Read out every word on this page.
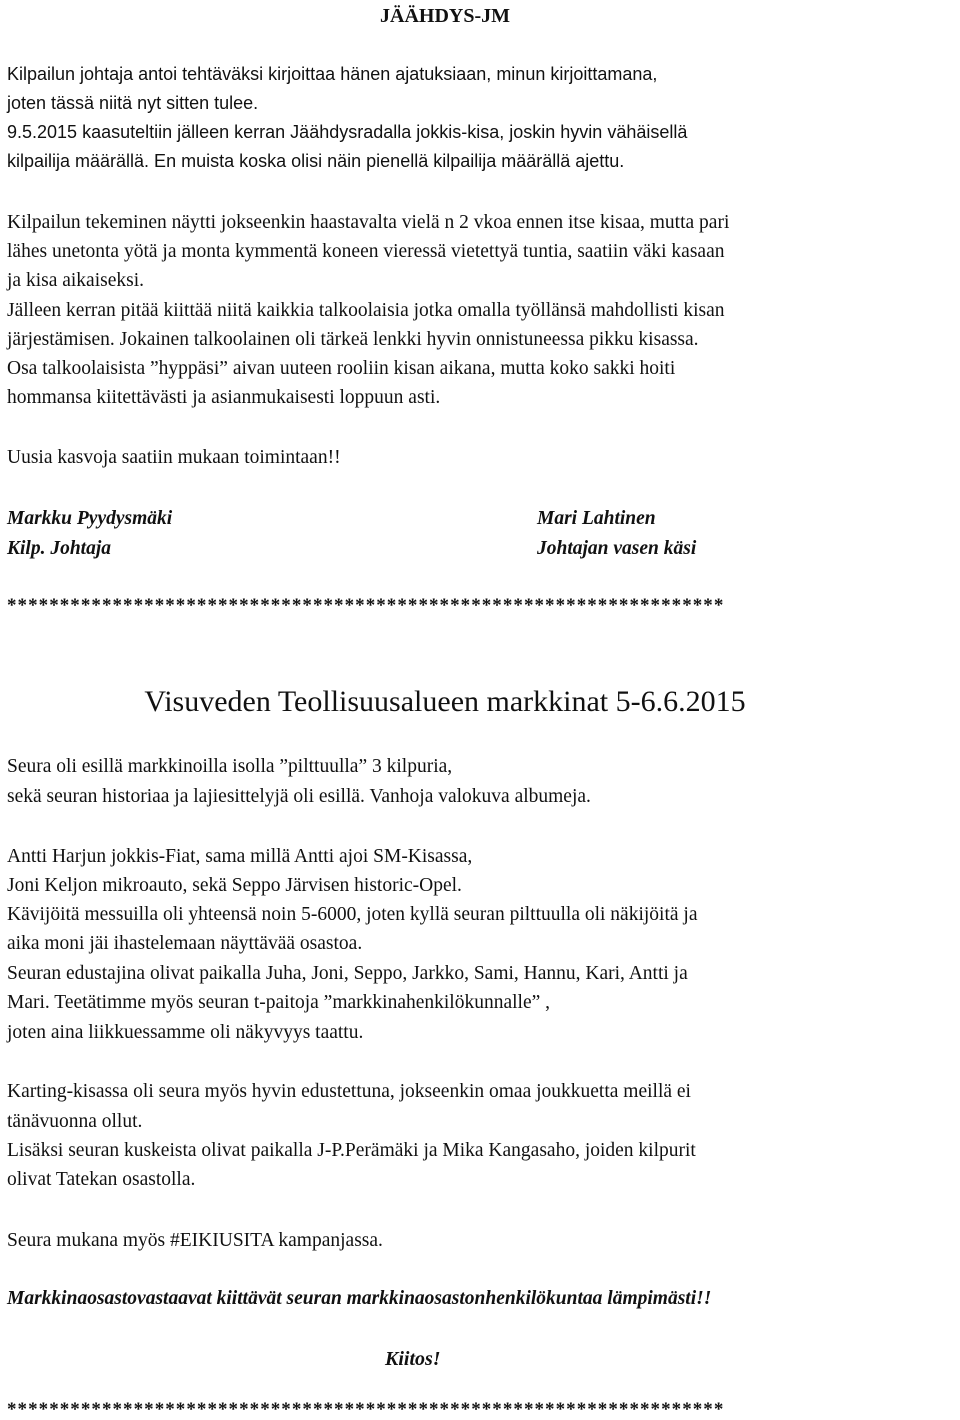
JÄÄHDYS-JM
Kilpailun johtaja antoi tehtäväksi kirjoittaa hänen ajatuksiaan, minun kirjoittamana,
joten tässä niitä nyt sitten tulee.
9.5.2015 kaasuteltiin jälleen kerran Jäähdysradalla jokkis-kisa, joskin hyvin vähäisellä
kilpailija määrällä. En muista koska olisi näin pienellä kilpailija määrällä ajettu.
Kilpailun tekeminen näytti jokseenkin haastavalta vielä n 2 vkoa ennen itse kisaa, mutta pari
lähes unetonta yötä ja monta kymmentä koneen vieressä vietettyä tuntia, saatiin väki kasaan
ja kisa aikaiseksi.
Jälleen kerran pitää kiittää niitä kaikkia talkoolaisia jotka omalla työllänsä mahdollisti kisan
järjestämisen. Jokainen talkoolainen oli tärkeä lenkki hyvin onnistuneessa pikku kisassa.
Osa talkoolaisista ”hyppäsi” aivan uuteen rooliin kisan aikana, mutta koko sakki hoiti
hommansa kiitettävästi ja asianmukaisesti loppuun asti.
Uusia kasvoja saatiin mukaan toimintaan!!
Markku Pyydysmäki
Kilp. Johtaja
Mari Lahtinen
Johtajan vasen käsi
********************************************************************
Visuveden Teollisuusalueen markkinat 5-6.6.2015
Seura oli esillä markkinoilla isolla ”pilttuulla” 3 kilpuria,
sekä seuran historiaa ja lajiesittelyjä oli esillä. Vanhoja valokuva albumeja.
Antti Harjun jokkis-Fiat, sama millä Antti ajoi SM-Kisassa,
Joni Keljon mikroauto, sekä Seppo Järvisen historic-Opel.
Kävijöitä messuilla oli yhteensä noin 5-6000, joten kyllä seuran pilttuulla oli näkijöitä ja
aika moni jäi ihastelemaan näyttävää osastoa.
Seuran edustajina olivat paikalla Juha, Joni, Seppo, Jarkko, Sami, Hannu, Kari, Antti ja
Mari. Teetätimme myös seuran t-paitoja ”markkinahenkilökunnalle” ,
joten aina liikkuessamme oli näkyvyys taattu.
Karting-kisassa oli seura myös hyvin edustettuna, jokseenkin omaa joukkuetta meillä ei
tänävuonna ollut.
Lisäksi seuran kuskeista olivat paikalla J-P.Perämäki ja Mika Kangasaho, joiden kilpurit
olivat Tatekan osastolla.
Seura mukana myös #EIKIUSITA kampanjassa.
Markkinaosastovastaavat kiittävät seuran markkinaosastonhenkilökuntaa lämpimästi!!
Kiitos!
********************************************************************
